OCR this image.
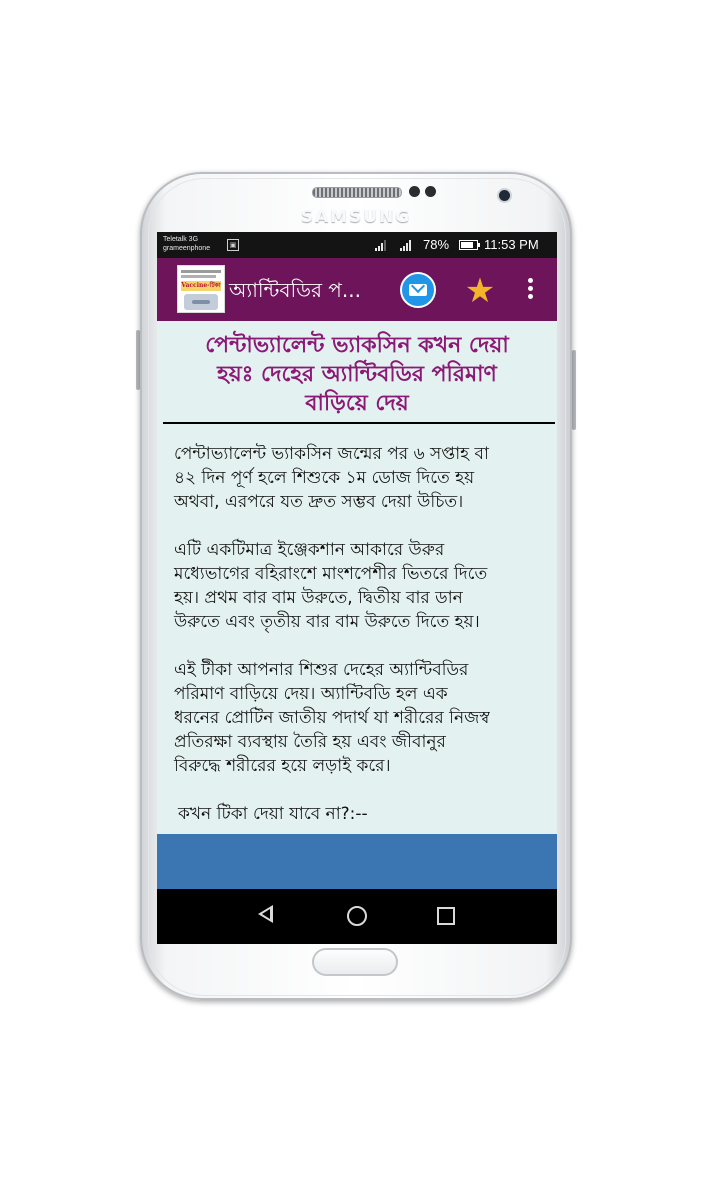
SAMSUNG
Teletalk 3G
grameenphone	▣	78%	11:53 PM
Vaccine-টিকা অ্যান্টিবডির প...	★
পেন্টাভ্যালেন্ট ভ্যাকসিন কখন দেয়া
হয়ঃ দেহের অ্যান্টিবডির পরিমাণ
বাড়িয়ে দেয়

পেন্টাভ্যালেন্ট ভ্যাকসিন জন্মের পর ৬ সপ্তাহ বা
৪২ দিন পূর্ণ হলে শিশুকে ১ম ডোজ দিতে হয়
অথবা, এরপরে যত দ্রুত সম্ভব দেয়া উচিত।

এটি একটিমাত্র ইঞ্জেকশান আকারে উরুর
মধ্যেভাগের বহিরাংশে মাংশপেশীর ভিতরে দিতে
হয়। প্রথম বার বাম উরুতে, দ্বিতীয় বার ডান
উরুতে এবং তৃতীয় বার বাম উরুতে দিতে হয়।

এই টীকা আপনার শিশুর দেহের অ্যান্টিবডির
পরিমাণ বাড়িয়ে দেয়। অ্যান্টিবডি হল এক
ধরনের প্রোটিন জাতীয় পদার্থ যা শরীরের নিজস্ব
প্রতিরক্ষা ব্যবস্থায় তৈরি হয় এবং জীবানুর
বিরুদ্ধে শরীরের হয়ে লড়াই করে।

কখন টিকা দেয়া যাবে না?:--
